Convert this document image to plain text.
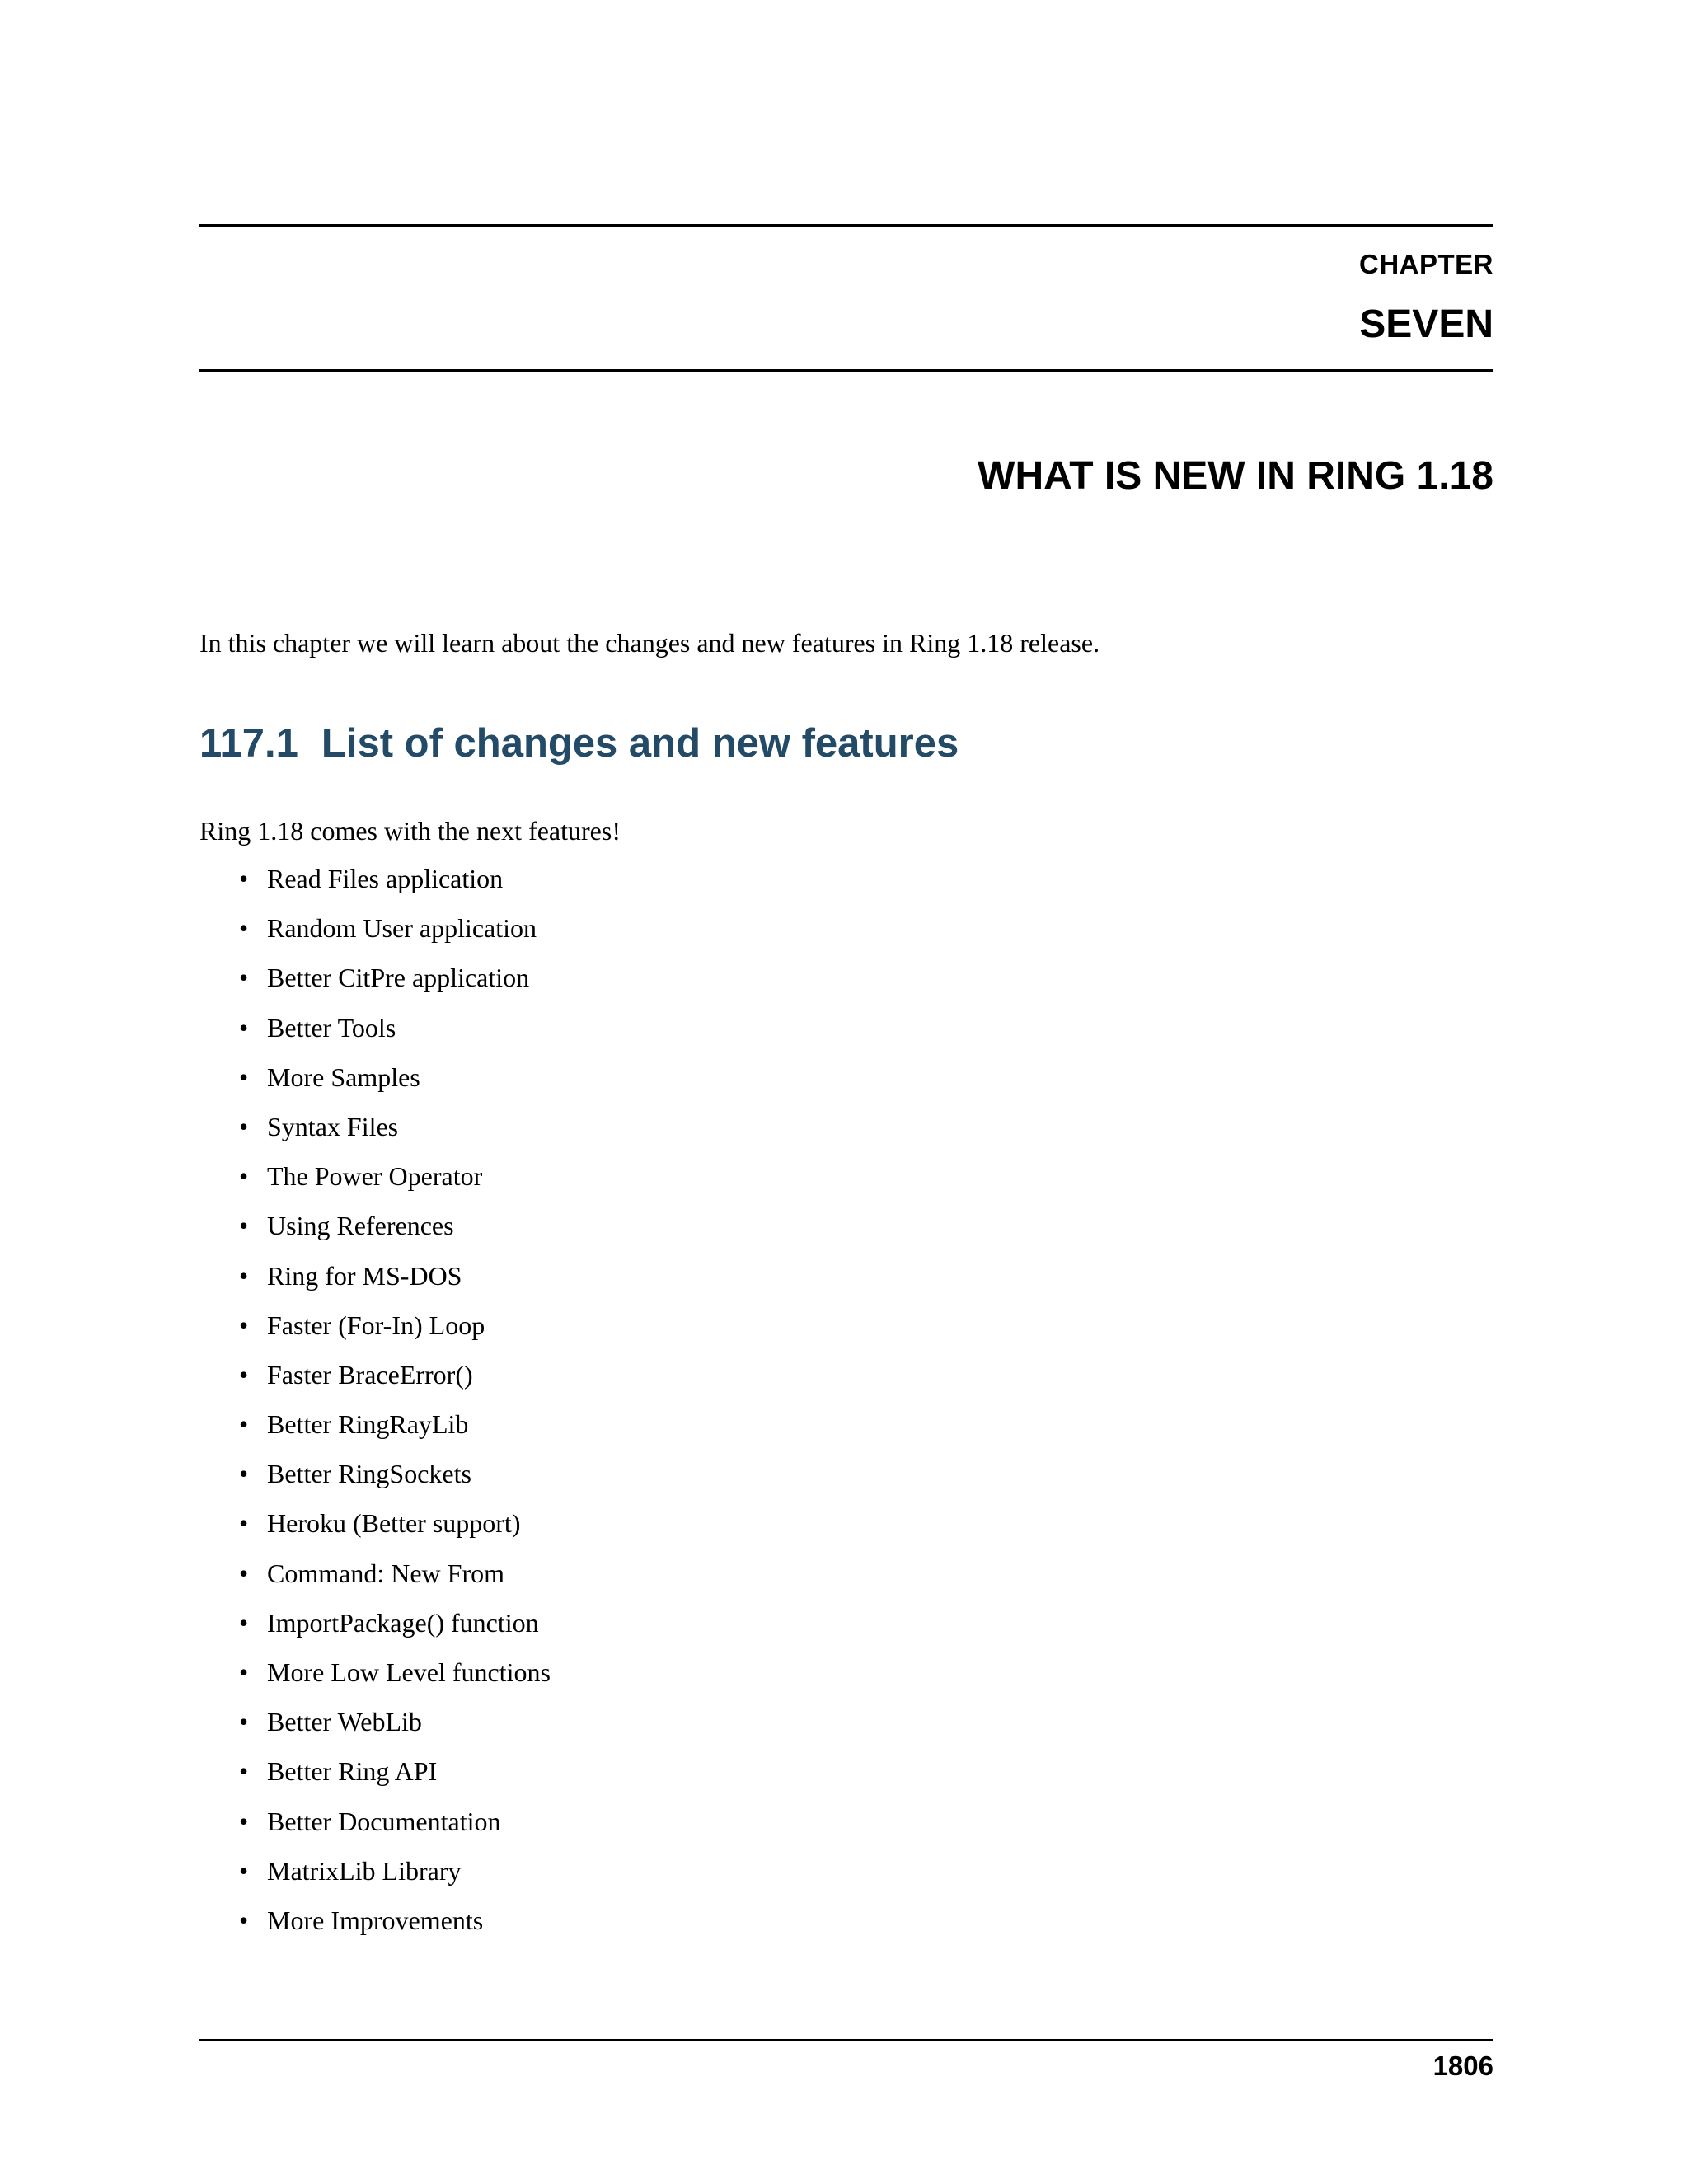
CHAPTER

SEVEN

WHAT IS NEW IN RING 1.18

In this chapter we will learn about the changes and new features in Ring 1.18 release.

117.1 List of changes and new features

Ring 1.18 comes with the next features!

• Read Files application
• Random User application
• Better CitPre application
• Better Tools
• More Samples
• Syntax Files
• The Power Operator
• Using References
• Ring for MS-DOS
• Faster (For-In) Loop
• Faster BraceError()
• Better RingRayLib
• Better RingSockets
• Heroku (Better support)
• Command: New From
• ImportPackage() function
• More Low Level functions
• Better WebLib
• Better Ring API
• Better Documentation
• MatrixLib Library
• More Improvements

1806
